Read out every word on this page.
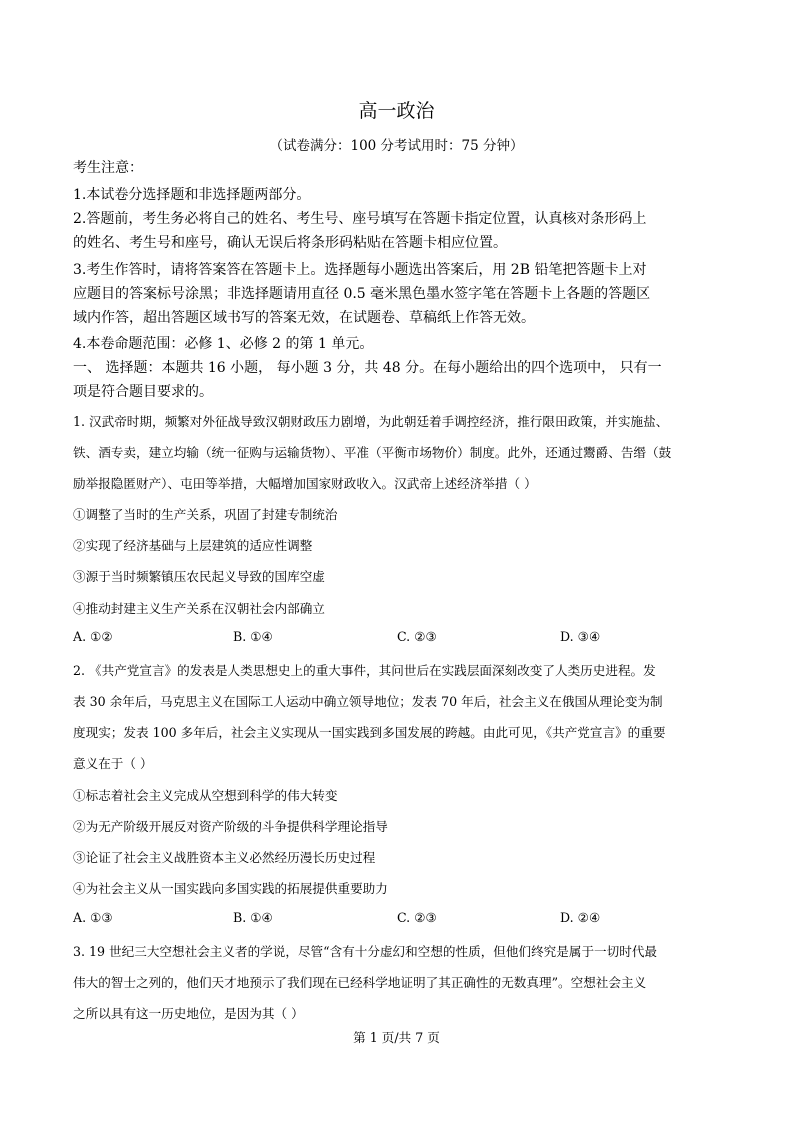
高一政治
（试卷满分：100 分考试用时：75 分钟）
考生注意：
1.本试卷分选择题和非选择题两部分。
2.答题前，考生务必将自己的姓名、考生号、座号填写在答题卡指定位置，认真核对条形码上
的姓名、考生号和座号，确认无误后将条形码粘贴在答题卡相应位置。
3.考生作答时，请将答案答在答题卡上。选择题每小题选出答案后，用 2B 铅笔把答题卡上对
应题目的答案标号涂黑；非选择题请用直径 0.5 毫米黑色墨水签字笔在答题卡上各题的答题区
域内作答，超出答题区域书写的答案无效，在试题卷、草稿纸上作答无效。
4.本卷命题范围：必修 1、必修 2 的第 1 单元。
一、 选择题：本题共 16 小题， 每小题 3 分，共 48 分。在每小题给出的四个选项中， 只有一
项是符合题目要求的。
1. 汉武帝时期，频繁对外征战导致汉朝财政压力剧增，为此朝廷着手调控经济，推行限田政策，并实施盐、
铁、酒专卖，建立均输（统一征购与运输货物）、平准（平衡市场物价）制度。此外，还通过鬻爵、告缗（鼓
励举报隐匿财产）、屯田等举措，大幅增加国家财政收入。汉武帝上述经济举措（ ）
①调整了当时的生产关系，巩固了封建专制统治
②实现了经济基础与上层建筑的适应性调整
③源于当时频繁镇压农民起义导致的国库空虚
④推动封建主义生产关系在汉朝社会内部确立
A. ①②	B. ①④	C. ②③	D. ③④
2. 《共产党宣言》的发表是人类思想史上的重大事件，其问世后在实践层面深刻改变了人类历史进程。发
表 30 余年后，马克思主义在国际工人运动中确立领导地位；发表 70 年后，社会主义在俄国从理论变为制
度现实；发表 100 多年后，社会主义实现从一国实践到多国发展的跨越。由此可见，《共产党宣言》的重要
意义在于（ ）
①标志着社会主义完成从空想到科学的伟大转变
②为无产阶级开展反对资产阶级的斗争提供科学理论指导
③论证了社会主义战胜资本主义必然经历漫长历史过程
④为社会主义从一国实践向多国实践的拓展提供重要助力
A. ①③	B. ①④	C. ②③	D. ②④
3. 19 世纪三大空想社会主义者的学说，尽管“含有十分虚幻和空想的性质，但他们终究是属于一切时代最
伟大的智士之列的，他们天才地预示了我们现在已经科学地证明了其正确性的无数真理”。空想社会主义
之所以具有这一历史地位，是因为其（ ）
第 1 页/共 7 页
